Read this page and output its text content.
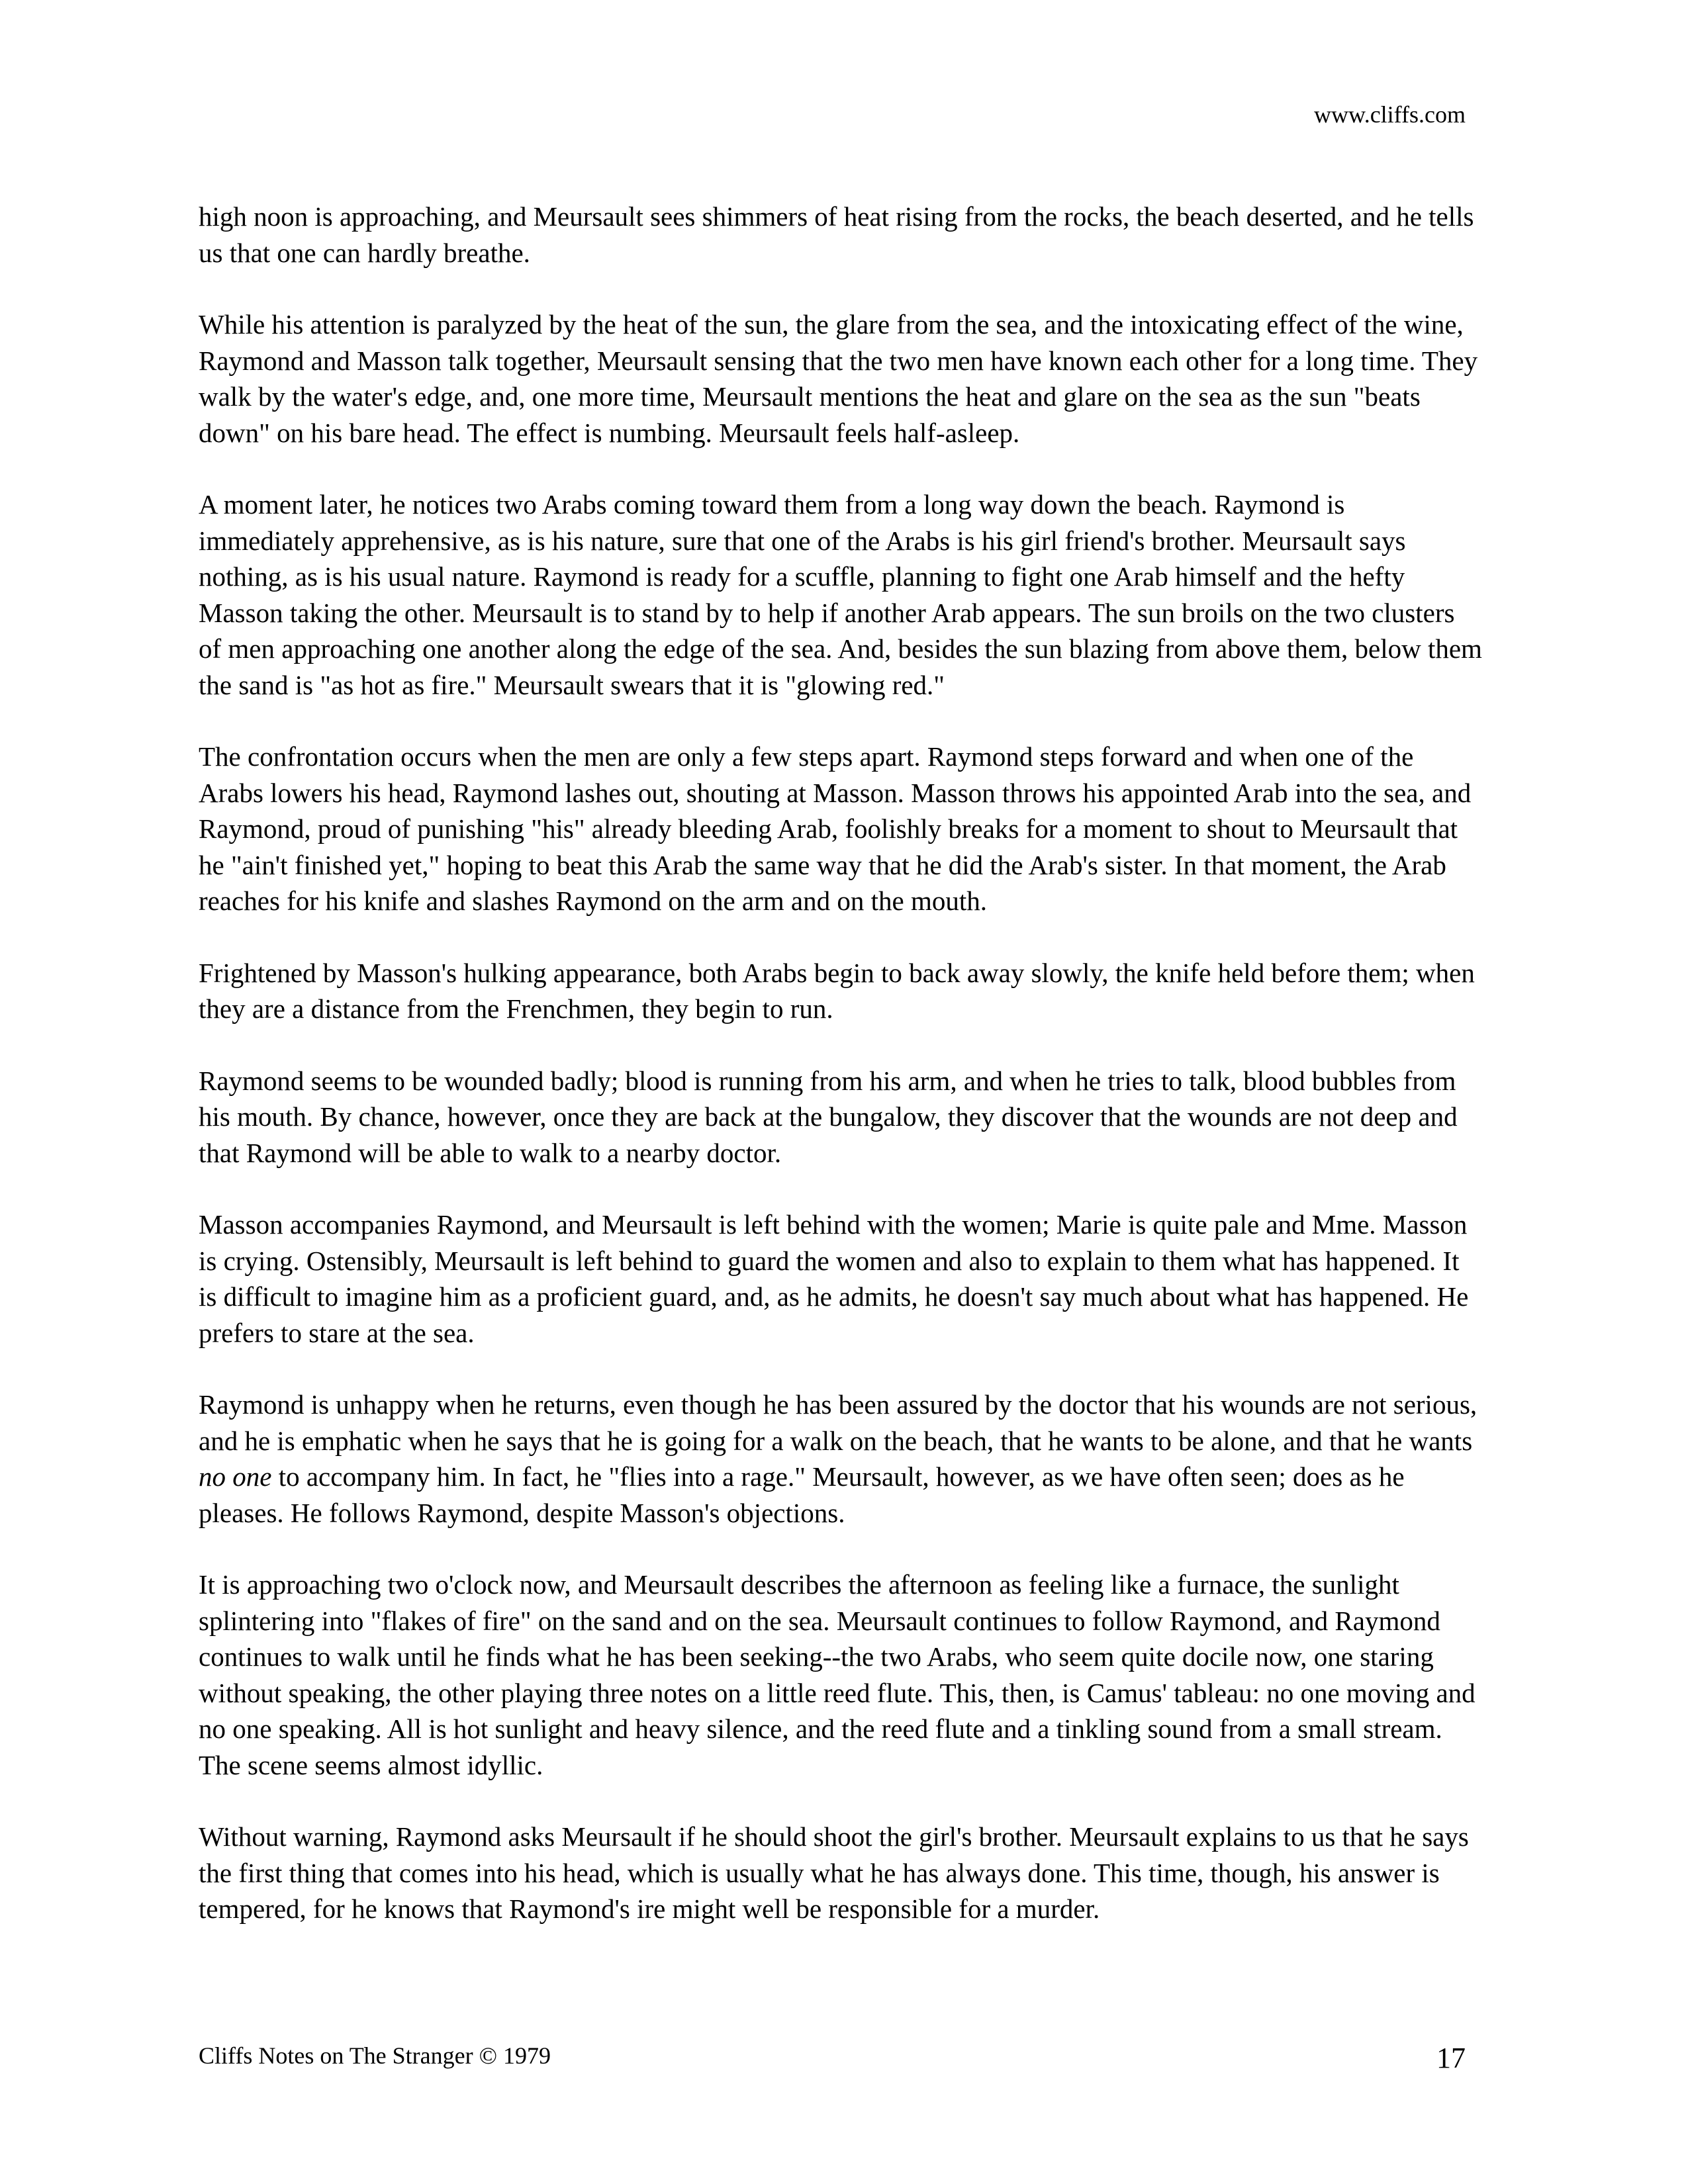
www.cliffs.com

high noon is approaching, and Meursault sees shimmers of heat rising from the rocks, the beach deserted, and he tells us that one can hardly breathe.

While his attention is paralyzed by the heat of the sun, the glare from the sea, and the intoxicating effect of the wine, Raymond and Masson talk together, Meursault sensing that the two men have known each other for a long time. They walk by the water's edge, and, one more time, Meursault mentions the heat and glare on the sea as the sun "beats down" on his bare head. The effect is numbing. Meursault feels half-asleep.

A moment later, he notices two Arabs coming toward them from a long way down the beach. Raymond is immediately apprehensive, as is his nature, sure that one of the Arabs is his girl friend's brother. Meursault says nothing, as is his usual nature. Raymond is ready for a scuffle, planning to fight one Arab himself and the hefty Masson taking the other. Meursault is to stand by to help if another Arab appears. The sun broils on the two clusters of men approaching one another along the edge of the sea. And, besides the sun blazing from above them, below them the sand is "as hot as fire." Meursault swears that it is "glowing red."

The confrontation occurs when the men are only a few steps apart. Raymond steps forward and when one of the Arabs lowers his head, Raymond lashes out, shouting at Masson. Masson throws his appointed Arab into the sea, and Raymond, proud of punishing "his" already bleeding Arab, foolishly breaks for a moment to shout to Meursault that he "ain't finished yet," hoping to beat this Arab the same way that he did the Arab's sister. In that moment, the Arab reaches for his knife and slashes Raymond on the arm and on the mouth.

Frightened by Masson's hulking appearance, both Arabs begin to back away slowly, the knife held before them; when they are a distance from the Frenchmen, they begin to run.

Raymond seems to be wounded badly; blood is running from his arm, and when he tries to talk, blood bubbles from his mouth. By chance, however, once they are back at the bungalow, they discover that the wounds are not deep and that Raymond will be able to walk to a nearby doctor.

Masson accompanies Raymond, and Meursault is left behind with the women; Marie is quite pale and Mme. Masson is crying. Ostensibly, Meursault is left behind to guard the women and also to explain to them what has happened. It is difficult to imagine him as a proficient guard, and, as he admits, he doesn't say much about what has happened. He prefers to stare at the sea.

Raymond is unhappy when he returns, even though he has been assured by the doctor that his wounds are not serious, and he is emphatic when he says that he is going for a walk on the beach, that he wants to be alone, and that he wants no one to accompany him. In fact, he "flies into a rage." Meursault, however, as we have often seen; does as he pleases. He follows Raymond, despite Masson's objections.

It is approaching two o'clock now, and Meursault describes the afternoon as feeling like a furnace, the sunlight splintering into "flakes of fire" on the sand and on the sea. Meursault continues to follow Raymond, and Raymond continues to walk until he finds what he has been seeking--the two Arabs, who seem quite docile now, one staring without speaking, the other playing three notes on a little reed flute. This, then, is Camus' tableau: no one moving and no one speaking. All is hot sunlight and heavy silence, and the reed flute and a tinkling sound from a small stream. The scene seems almost idyllic.

Without warning, Raymond asks Meursault if he should shoot the girl's brother. Meursault explains to us that he says the first thing that comes into his head, which is usually what he has always done. This time, though, his answer is tempered, for he knows that Raymond's ire might well be responsible for a murder.

Cliffs Notes on The Stranger © 1979	17
